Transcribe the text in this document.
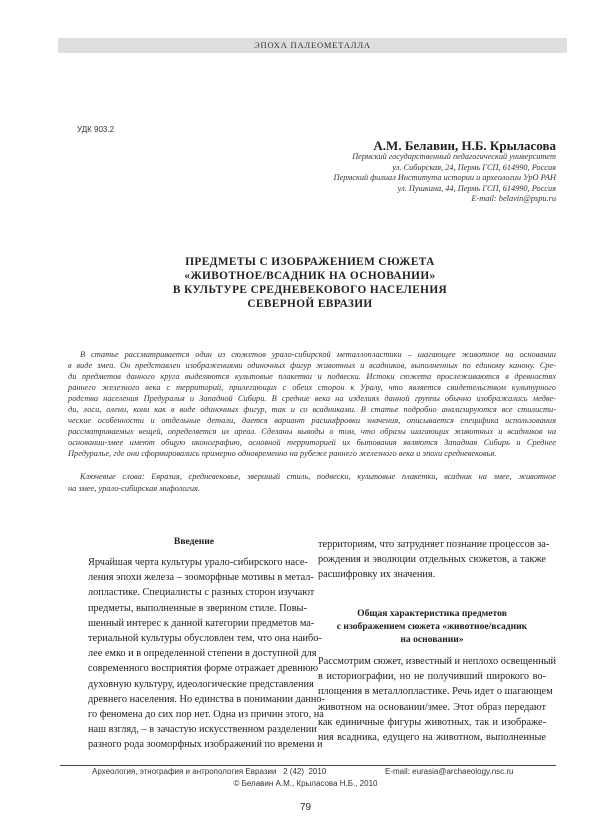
ЭПОХА ПАЛЕОМЕТАЛЛА
УДК 903.2
А.М. Белавин, Н.Б. Крыласова
Пермский государственный педагогический университет
ул. Сибирская, 24, Пермь ГСП, 614990, Россия
Пермский филиал Института истории и археологии УрО РАН
ул. Пушкина, 44, Пермь ГСП, 614990, Россия
E-mail: belavin@pspu.ru
ПРЕДМЕТЫ С ИЗОБРАЖЕНИЕМ СЮЖЕТА
«ЖИВОТНОЕ/ВСАДНИК НА ОСНОВАНИИ»
В КУЛЬТУРЕ СРЕДНЕВЕКОВОГО НАСЕЛЕНИЯ
СЕВЕРНОЙ ЕВРАЗИИ
В статье рассматривается один из сюжетов урало-сибирской металлопластики – шагающее животное на основании
в виде змеи. Он представлен изображениями одиночных фигур животных и всадников, выполненных по единому канону. Сре-
ди предметов данного круга выделяются культовые плакетки и подвески. Истоки сюжета прослеживаются в древностях
раннего железного века с территорий, прилегающих с обеих сторон к Уралу, что является свидетельством культурного
родства населения Предуралья и Западной Сибири. В средние века на изделиях данной группы обычно изображались медве-
ди, лоси, олени, кони как в виде одиночных фигур, так и со всадниками. В статье подробно анализируются все стилисти-
ческие особенности и отдельные детали, дается вариант расшифровки значения, описывается специфика использования
рассматриваемых вещей, определяется их ареал. Сделаны выводы о том, что образы шагающих животных и всадников на
основании-змее имеют общую иконографию, основной территорией их бытования являются Западная Сибирь и Среднее
Предуралье, где они сформировались примерно одновременно на рубеже раннего железного века и эпохи средневековья.
Ключевые слова: Евразия, средневековье, звериный стиль, подвески, культовые плакетки, всадник на змее, животное
на змее, урало-сибирская мифология.
Введение
Ярчайшая черта культуры урало-сибирского насе-
ления эпохи железа – зооморфные мотивы в метал-
лопластике. Специалисты с разных сторон изучают
предметы, выполненные в зверином стиле. Повы-
шенный интерес к данной категории предметов ма-
териальной культуры обусловлен тем, что она наибо-
лее емко и в определенной степени в доступной для
современного восприятия форме отражает древнюю
духовную культуру, идеологические представления
древнего населения. Но единства в понимании данно-
го феномена до сих пор нет. Одна из причин этого, на
наш взгляд, – в зачастую искусственном разделении
разного рода зооморфных изображений по времени и
территориям, что затрудняет познание процессов за-
рождения и эволюции отдельных сюжетов, а также
расшифровку их значения.
Общая характеристика предметов
с изображением сюжета «животное/всадник
на основании»
Рассмотрим сюжет, известный и неплохо освещенный
в историографии, но не получивший широкого во-
площения в металлопластике. Речь идет о шагающем
животном на основании/змее. Этот образ передают
как единичные фигуры животных, так и изображе-
ния всадника, едущего на животном, выполненные
Археология, этнография и антропология Евразии   2 (42)  2010	E-mail: eurasia@archaeology.nsc.ru
© Белавин А.М., Крыласова Н.Б., 2010
79
